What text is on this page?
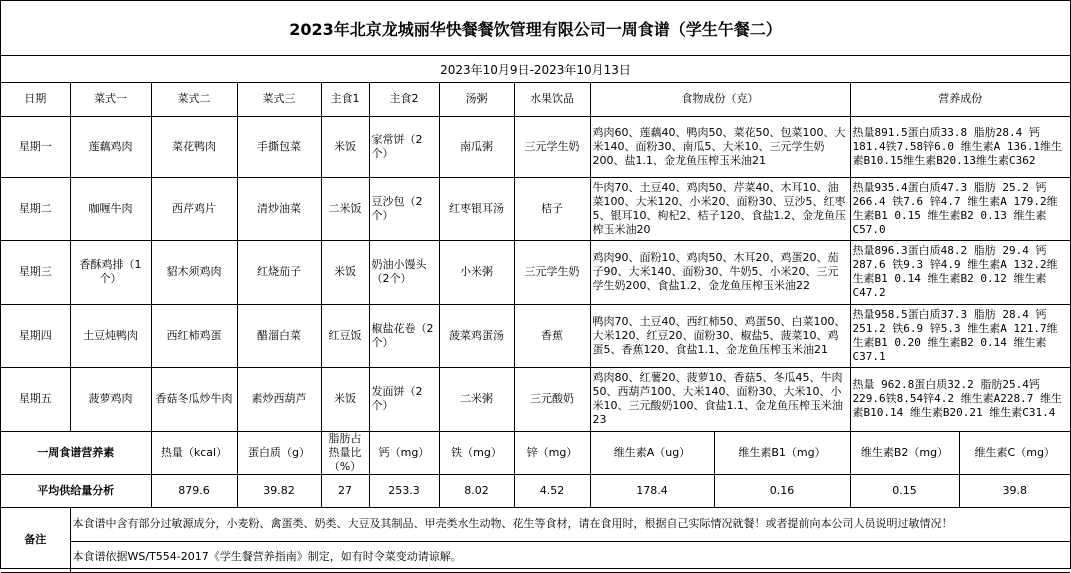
2023年北京龙城丽华快餐餐饮管理有限公司一周食谱（学生午餐二）
2023年10月9日-2023年10月13日
日期	菜式一	菜式二	菜式三	主食1	主食2	汤粥	水果饮品	食物成份（克）		营养成份	
星期一	莲藕鸡肉	菜花鸭肉	手撕包菜	米饭	家常饼（2个）	南瓜粥	三元学生奶	鸡肉60、莲藕40、鸭肉50、菜花50、包菜100、大米140、面粉30、南瓜5、大米10、三元学生奶200、盐1.1、金龙鱼压榨玉米油21		热量891.5蛋白质33.8 脂肪28.4 钙181.4铁7.58锌6.0 维生素A 136.1维生素B10.15维生素B20.13维生素C362	
星期二	咖喱牛肉	西芹鸡片	清炒油菜	二米饭	豆沙包（2个）	红枣银耳汤	桔子	牛肉70、土豆40、鸡肉50、芹菜40、木耳10、油菜100、大米120、小米20、面粉30、豆沙5、红枣5、银耳10、枸杞2、桔子120、食盐1.2、金龙鱼压榨玉米油20		热量935.4蛋白质47.3 脂肪 25.2 钙266.4 铁7.6 锌4.7 维生素A 179.2维生素B1 0.15 维生素B2 0.13 维生素C57.0	
星期三	香酥鸡排（1个）	貂木须鸡肉	红烧茄子	米饭	奶油小馒头（2个）	小米粥	三元学生奶	鸡肉90、面粉10、鸡肉50、木耳20、鸡蛋20、茄子90、大米140、面粉30、牛奶5、小米20、三元学生奶200、食盐1.2、金龙鱼压榨玉米油22		热量896.3蛋白质48.2 脂肪 29.4 钙287.6 铁9.3 锌4.9 维生素A 132.2维生素B1 0.14 维生素B2 0.12 维生素C47.2	
星期四	土豆炖鸭肉	西红柿鸡蛋	醋溜白菜	红豆饭	椒盐花卷（2个）	菠菜鸡蛋汤	香蕉	鸭肉70、土豆40、西红柿50、鸡蛋50、白菜100、大米120、红豆20、面粉30、椒盐5、菠菜10、鸡蛋5、香蕉120、食盐1.1、金龙鱼压榨玉米油21		热量958.5蛋白质37.3 脂肪 28.4 钙251.2 铁6.9 锌5.3 维生素A 121.7维生素B1 0.20 维生素B2 0.14 维生素C37.1	
星期五	菠萝鸡肉	香菇冬瓜炒牛肉	素炒西葫芦	米饭	发面饼（2个）	二米粥	三元酸奶	鸡肉80、红薯20、菠萝10、香菇5、冬瓜45、牛肉50、西葫芦100、大米140、面粉30、大米10、小米10、三元酸奶100、食盐1.1、金龙鱼压榨玉米油23		热量 962.8蛋白质32.2 脂肪25.4钙229.6铁8.54锌4.2 维生素A228.7 维生素B10.14 维生素B20.21 维生素C31.4	
一周食谱营养素		热量（kcal）	蛋白质（g）	脂肪占热量比（%）	钙（mg）	铁（mg）	锌（mg）	维生素A（ug）	维生素B1（mg）	维生素B2（mg）	维生素C（mg）
平均供给量分析		879.6	39.82	27	253.3	8.02	4.52	178.4	0.16	0.15	39.8
备注	本食谱中含有部分过敏源成分，小麦粉、禽蛋类、奶类、大豆及其制品、甲壳类水生动物、花生等食材，请在食用时，根据自己实际情况就餐！或者提前向本公司人员说明过敏情况！										
	本食谱依据WS/T554-2017《学生餐营养指南》制定，如有时令菜变动请谅解。										
